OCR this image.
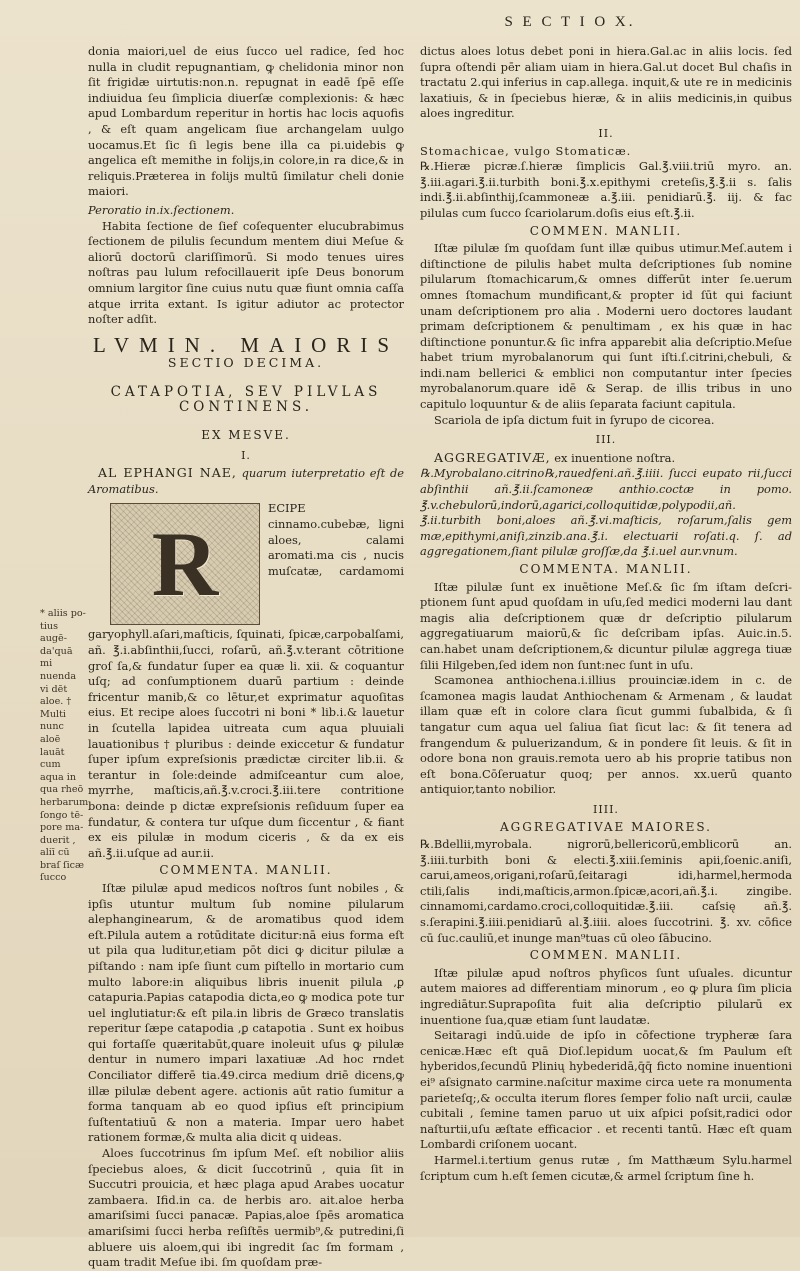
S E C T I O X.

donia maiori,uel de eius ſucco uel radice, ſed hoc nulla in cludit repugnantiam, ꝙ chelidonia minor non ſit frigidæ uirtutis:non.n. repugnat in eadē ſpē eſſe indiuidua ſeu ſimplicia diuerſæ complexionis: & hæc apud Lombardum reperitur in hortis hac locis aquofis , & eſt quam angelicam ſiue archangelam uulgo uocamus.Et ſic ſi legis bene illa ca pi.uidebis ꝙ angelica eſt memithe in folijs,in colore,in ra dice,& in reliquis.Præterea in folijs multū ſimilatur cheli donie maiori.

Peroratio in.ix.ſectionem.

Habita ſectione de ſief coſequenter elucubrabimus ſectionem de pilulis ſecundum mentem diui Meſue & aliorū doctorū clariſſimorū. Si modo tenues uires noſtras pau lulum refocillauerit ipſe Deus bonorum omnium largitor ſine cuius nutu quæ fiunt omnia caſſa atque irrita extant. Is igitur adiutor ac protector noſter adſit.

LVMIN. MAIORIS
SECTIO DECIMA.
CATAPOTIA, SEV PILVLAS
CONTINENS.
EX MESVE.
I.

AL EPHANGI NAE, quarum iuterpretatio eſt de Aromatibus.

R

ECIPE cinnamo.cubebæ, ligni aloes, calami aromati.ma cis , nucis muſcatæ, cardamomi garyophyll.aſari,maſticis, ſquinati, ſpicæ,carpobalſami, añ. ℥.i.abſinthii,ſucci, roſarū, añ.℥.v.terant cōtritione groſ ſa,& fundatur ſuper ea quæ li. xii. & coquantur uſq; ad conſumptionem duarū partium : deinde fricentur manib,& co lētur,et exprimatur aquoſitas eius. Et recipe aloes ſuccotri ni boni * lib.i.& lauetur in ſcutella lapidea uitreata cum aqua pluuiali lauationibus † pluribus : deinde exiccetur & fundatur ſuper ipſum expreſsionis prædictæ circiter lib.ii. & terantur in ſole:deinde admiſceantur cum aloe, myrrhe, maſticis,añ.℥.v.croci.℥.iii.tere contritione bona: deinde p dictæ expreſsionis reſiduum ſuper ea fundatur, & contera tur uſque dum ſiccentur , & fiant ex eis pilulæ in modum ciceris , & da ex eis añ.℥.ii.uſque ad aur.ii.

COMMENTA. MANLII.

Iſtæ pilulæ apud medicos noſtros ſunt nobiles , & ipſis utuntur multum ſub nomine pilularum alephanginearum, & de aromatibus quod idem eſt.Pilula autem a rotūditate dicitur:nā eius forma eſt ut pila qua luditur,etiam pōt dici ꝙ dicitur pilulæ a piſtando : nam ipſe ſiunt cum piſtello in mortario cum multo labore:in aliquibus libris inuenit pilula ,ꝑ catapuria.Papias catapodia dicta,eo ꝙ modica pote tur uel inglutiatur:& eſt pila.in libris de Græco translatis reperitur ſæpe catapodia ,ꝑ catapotia . Sunt ex hoibus qui fortaſſe quæritabūt,quare inoleuit uſus ꝙ pilulæ dentur in numero impari laxatiuæ .Ad hoc rndet Conciliator differē tia.49.circa medium driē dicens,ꝙ illæ pilulæ debent agere. actionis aūt ratio ſumitur a forma tanquam ab eo quod ipſius eſt principium ſuſtentatiuū & non a materia. Impar uero habet rationem formæ,& multa alia dicit q uideas.

Aloes ſuccotrinus ſm ipſum Meſ. eſt nobilior aliis ſpeciebus aloes, & dicit ſuccotrinū , quia ſit in Succutri prouicia, et hæc plaga apud Arabes uocatur zambaera. Ifid.in ca. de herbis aro. ait.aloe herba amariſsimi ſucci panacæ. Papias,aloe ſpēs aromatica amariſsimi ſucci herba reſiſtēs uermib⁹,& putredini,ſi abluere uis aloem,qui ibi ingredit ſac ſm formam , quam tradit Meſue ibi. ſm quoſdam præ-

* aliis potius augēda'quā mi nuenda vi dēt aloe. † Multi nunc aloē lauāt cum aqua in qua rheō herbarum ſongo tēpore maduerit , aliī cū braſ ſicæ ſucco

dictus aloes lotus debet poni in hiera.Gal.ac in aliis locis. ſed ſupra oſtendi pēr aliam uiam in hiera.Gal.ut docet Bul chaſis in tractatu 2.qui inferius in cap.allega. inquit,& ute re in medicinis laxatiuis, & in ſpeciebus hieræ, & in aliis medicinis,in quibus aloes ingreditur.

II.

Stomachicae, vulgo Stomaticæ.

℞.Hieræ picræ.ſ.hieræ ſimplicis Gal.℥.viii.triū myro. an. ℥.iii.agari.℥.ii.turbith boni.℥.x.epithymi creteſis,℥.℥.ii s. ſalis indi.℥.ii.abſinthij,ſcammoneæ a.℥.iii. penidiarū.℥. iij. & fac pilulas cum ſucco ſcariolarum.doſis eius eſt.℥.ii.

COMMEN. MANLII.

Iſtæ pilulæ ſm quoſdam ſunt illæ quibus utimur.Meſ.autem i diſtinctione de pilulis habet multa deſcriptiones ſub nomine pilularum ſtomachicarum,& omnes differūt inter ſe.uerum omnes ſtomachum mundificant,& propter id ſūt qui faciunt unam deſcriptionem pro alia . Moderni uero doctores laudant primam deſcriptionem & penultimam , ex his quæ in hac diſtinctione ponuntur.& ſic infra apparebit alia deſcriptio.Meſue habet trium myrobalanorum qui ſunt iſti.ſ.citrini,chebuli, & indi.nam bellerici & emblici non computantur inter ſpecies myrobalanorum.quare idē & Serap. de illis tribus in uno capitulo loquuntur & de aliis ſeparata faciunt capitula.

Scariola de ipſa dictum fuit in ſyrupo de cicorea.

III.

AGGREGATIVÆ, ex inuentione noſtra.

℞.Myrobalano.citrino℞,rauedfeni.añ.℥.iiii. ſucci eupato rii,ſucci abſinthii añ.℥.ii.ſcamoneæ anthio.coctæ in pomo. ℥.v.chebulorū,indorū,agarici,colloquitidæ,polypodii,añ. ℥.ii.turbith boni,aloes añ.℥.vi.maſticis, roſarum,ſalis gem mæ,epithymi,aniſi,zinzib.ana.℥.i. electuarii roſati.q. ſ. ad aggregationem,ſiant pilulæ groſſæ,da ℥.i.uel aur.vnum.

COMMENTA. MANLII.

Iſtæ pilulæ ſunt ex inuētione Meſ.& ſic ſm iſtam deſcriptionem ſunt apud quoſdam in uſu,ſed medici moderni lau dant magis alia deſcriptionem quæ dr deſcriptio pilularum aggregatiuarum maiorū,& ſic deſcribam ipſas. Auic.in.5. can.habet unam deſcriptionem,& dicuntur pilulæ aggrega tiuæ ſilii Hilgeben,ſed idem non ſunt:nec ſunt in uſu.

Scamonea anthiochena.i.illius prouinciæ.idem in c. de ſcamonea magis laudat Anthiochenam & Armenam , & laudat illam quæ eſt in colore clara ſicut gummi ſubalbida, & ſi tangatur cum aqua uel ſaliua ſiat ſicut lac: & ſit tenera ad frangendum & puluerizandum, & in pondere ſit leuis. & ſit in odore bona non grauis.remota uero ab his proprie tatibus non eſt bona.Cōſeruatur quoq; per annos. xx.uerū quanto antiquior,tanto nobilior.

IIII.
AGGREGATIVAE MAIORES.

℞.Bdellii,myrobala. nigrorū,bellericorū,emblicorū an. ℥.iiii.turbith boni & electi.℥.xiii.ſeminis apii,ſoenic.aniſi, carui,ameos,origani,roſarū,ſeitaragi idi,harmel,hermoda ctili,ſalis indi,maſticis,armon.ſpicæ,acori,añ.℥.i. zingibe. cinnamomi,cardamo.croci,colloquitidæ.℥.iii. caſsię añ.℥. s.ſerapini.℥.iiii.penidiarū al.℥.iiii. aloes ſuccotrini. ℥. xv. cōfice cū ſuc.cauliū,et inunge man⁹tuas cū oleo ſābucino.

COMMEN. MANLII.

Iſtæ pilulæ apud noſtros phyſicos ſunt uſuales. dicuntur autem maiores ad differentiam minorum , eo ꝙ plura ſim plicia ingrediātur.Suprapoſita fuit alia deſcriptio pilularū ex inuentione ſua,quæ etiam ſunt laudatæ.

Seitaragi indū.uide de ipſo in cōfectione trypheræ ſara cenicæ.Hæc eſt quā Dioſ.lepidum uocat,& ſm Paulum eſt hyberidos,ſecundū Plinių hybederidā,q̄q̄ ficto nomine inuentioni ei⁹ aſsignato carmine.naſcitur maxime circa uete ra monumenta parieteſq;,& occulta iterum flores ſemper folio naſt urcii, caulæ cubitali , ſemine tamen paruo ut uix aſpici poſsit,radici odor naſturtii,uſu æſtate efficacior . et recenti tantū. Hæc eſt quam Lombardi criſonem uocant.

Harmel.i.tertium genus rutæ , ſm Matthæum Sylu.harmel ſcriptum cum h.eſt ſemen cicutæ,& armel ſcriptum ſine h.
